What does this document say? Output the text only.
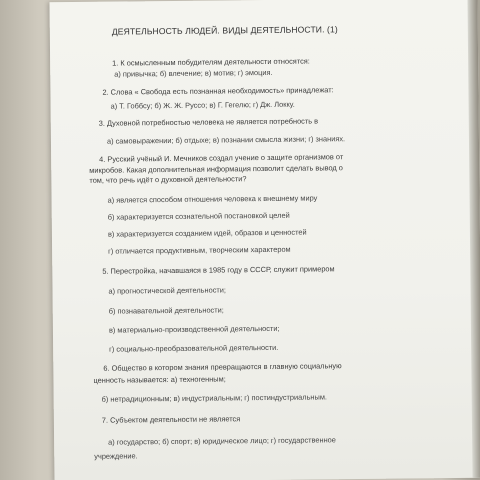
ДЕЯТЕЛЬНОСТЬ ЛЮДЕЙ. ВИДЫ ДЕЯТЕЛЬНОСТИ. (1)
1. К осмысленным побудителям деятельности относятся:
а) привычка; б) влечение; в) мотив; г) эмоция.
2. Слова « Свобода есть познанная необходимость» принадлежат:
а) Т. Гоббсу; б) Ж. Ж. Руссо; в) Г. Гегелю; г) Дж. Локку.
3. Духовной потребностью человека не является потребность в
а) самовыражении; б) отдыхе; в) познании смысла жизни; г) знаниях.
4. Русский учёный И. Мечников создал учение о защите организмов от
микробов. Какая дополнительная информация позволит сделать вывод о
том, что речь идёт о духовной деятельности?
а) является способом отношения человека к внешнему миру
б) характеризуется сознательной постановкой целей
в) характеризуется созданием идей, образов и ценностей
г) отличается продуктивным, творческим характером
5. Перестройка, начавшаяся в 1985 году в СССР, служит примером
а) прогностической деятельности;
б) познавательной деятельности;
в) материально-производственной деятельности;
г) социально-преобразовательной деятельности.
6. Общество в котором знания превращаются в главную социальную
ценность называется: а) техногенным;
б) нетрадиционным; в) индустриальным; г) постиндустриальным.
7. Субъектом деятельности не является
а) государство; б) спорт; в) юридическое лицо; г) государственное
учреждение.
